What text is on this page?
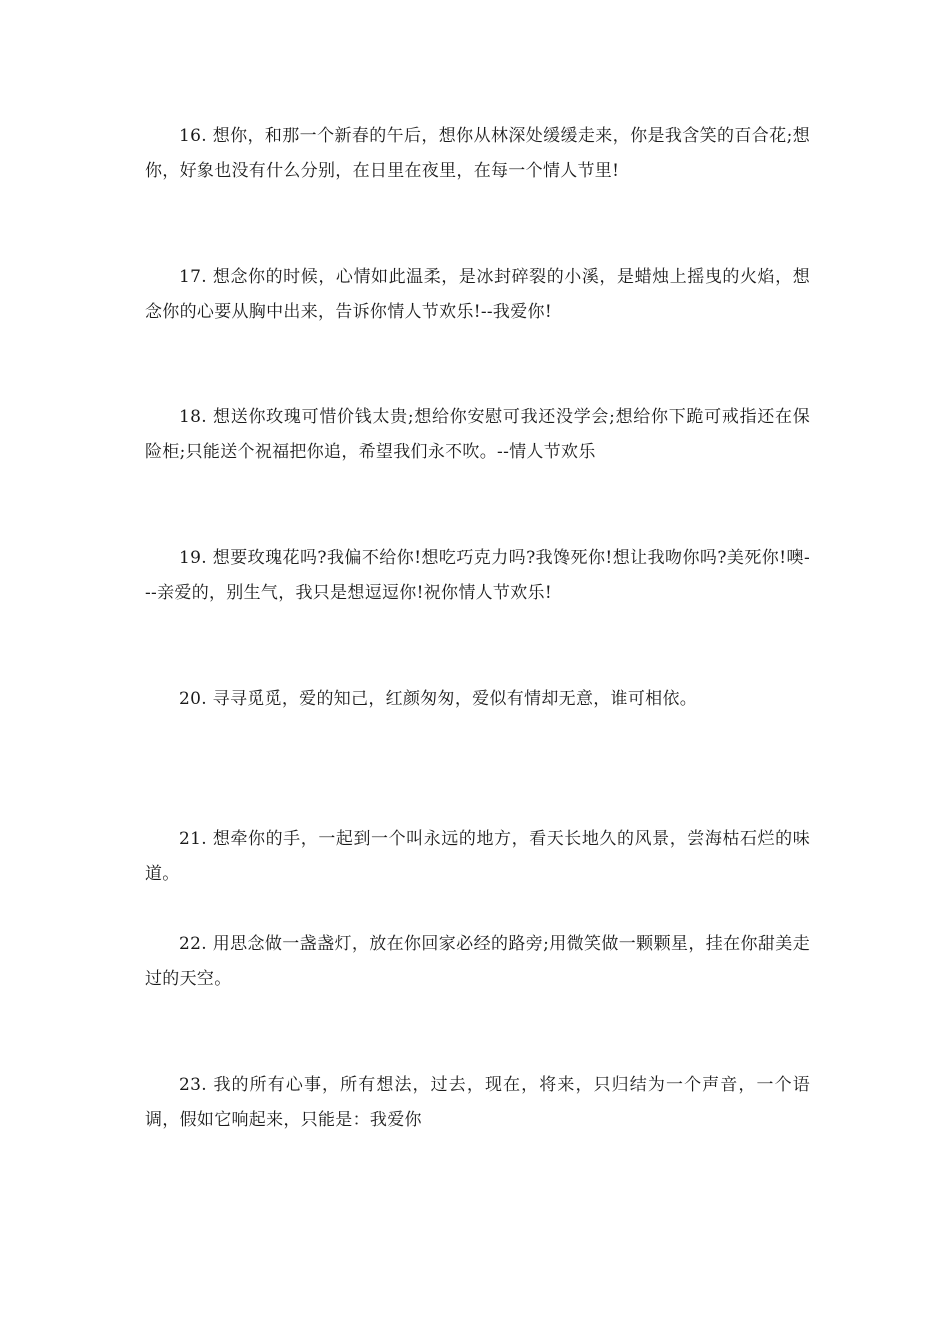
16. 想你，和那一个新春的午后，想你从林深处缓缓走来，你是我含笑的百合花;想你，好象也没有什么分别，在日里在夜里，在每一个情人节里!

17. 想念你的时候，心情如此温柔，是冰封碎裂的小溪，是蜡烛上摇曳的火焰，想念你的心要从胸中出来，告诉你情人节欢乐!--我爱你!

18. 想送你玫瑰可惜价钱太贵;想给你安慰可我还没学会;想给你下跪可戒指还在保险柜;只能送个祝福把你追，希望我们永不吹。--情人节欢乐

19. 想要玫瑰花吗?我偏不给你!想吃巧克力吗?我馋死你!想让我吻你吗?美死你!噢---亲爱的，别生气，我只是想逗逗你!祝你情人节欢乐!

20. 寻寻觅觅，爱的知己，红颜匆匆，爱似有情却无意，谁可相依。

21. 想牵你的手，一起到一个叫永远的地方，看天长地久的风景，尝海枯石烂的味道。

22. 用思念做一盏盏灯，放在你回家必经的路旁;用微笑做一颗颗星，挂在你甜美走过的天空。

23. 我的所有心事，所有想法，过去，现在，将来，只归结为一个声音，一个语调，假如它响起来，只能是：我爱你
